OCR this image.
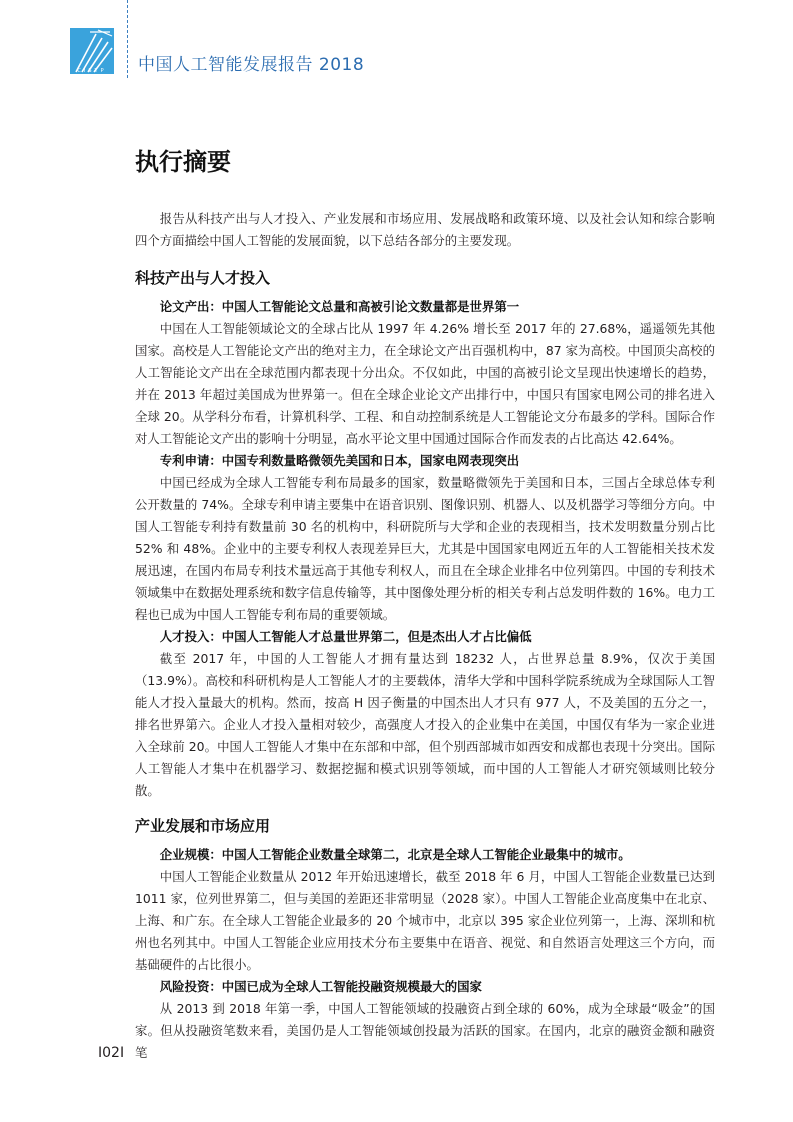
CISTP	中国人工智能发展报告 2018
执行摘要

报告从科技产出与人才投入、产业发展和市场应用、发展战略和政策环境、以及社会认知和综合影响四个方面描绘中国人工智能的发展面貌，以下总结各部分的主要发现。

科技产出与人才投入

论文产出：中国人工智能论文总量和高被引论文数量都是世界第一

中国在人工智能领域论文的全球占比从 1997 年 4.26% 增长至 2017 年的 27.68%，遥遥领先其他国家。高校是人工智能论文产出的绝对主力，在全球论文产出百强机构中，87 家为高校。中国顶尖高校的人工智能论文产出在全球范围内都表现十分出众。不仅如此，中国的高被引论文呈现出快速增长的趋势，并在 2013 年超过美国成为世界第一。但在全球企业论文产出排行中，中国只有国家电网公司的排名进入全球 20。从学科分布看，计算机科学、工程、和自动控制系统是人工智能论文分布最多的学科。国际合作对人工智能论文产出的影响十分明显，高水平论文里中国通过国际合作而发表的占比高达 42.64%。

专利申请：中国专利数量略微领先美国和日本，国家电网表现突出

中国已经成为全球人工智能专利布局最多的国家，数量略微领先于美国和日本，三国占全球总体专利公开数量的 74%。全球专利申请主要集中在语音识别、图像识别、机器人、以及机器学习等细分方向。中国人工智能专利持有数量前 30 名的机构中，科研院所与大学和企业的表现相当，技术发明数量分别占比 52% 和 48%。企业中的主要专利权人表现差异巨大，尤其是中国国家电网近五年的人工智能相关技术发展迅速，在国内布局专利技术量远高于其他专利权人，而且在全球企业排名中位列第四。中国的专利技术领域集中在数据处理系统和数字信息传输等，其中图像处理分析的相关专利占总发明件数的 16%。电力工程也已成为中国人工智能专利布局的重要领域。

人才投入：中国人工智能人才总量世界第二，但是杰出人才占比偏低

截至 2017 年，中国的人工智能人才拥有量达到 18232 人，占世界总量 8.9%，仅次于美国（13.9%）。高校和科研机构是人工智能人才的主要载体，清华大学和中国科学院系统成为全球国际人工智能人才投入量最大的机构。然而，按高 H 因子衡量的中国杰出人才只有 977 人，不及美国的五分之一，排名世界第六。企业人才投入量相对较少，高强度人才投入的企业集中在美国，中国仅有华为一家企业进入全球前 20。中国人工智能人才集中在东部和中部，但个别西部城市如西安和成都也表现十分突出。国际人工智能人才集中在机器学习、数据挖掘和模式识别等领域，而中国的人工智能人才研究领域则比较分散。

产业发展和市场应用

企业规模：中国人工智能企业数量全球第二，北京是全球人工智能企业最集中的城市。

中国人工智能企业数量从 2012 年开始迅速增长，截至 2018 年 6 月，中国人工智能企业数量已达到 1011 家，位列世界第二，但与美国的差距还非常明显（2028 家）。中国人工智能企业高度集中在北京、上海、和广东。在全球人工智能企业最多的 20 个城市中，北京以 395 家企业位列第一，上海、深圳和杭州也名列其中。中国人工智能企业应用技术分布主要集中在语音、视觉、和自然语言处理这三个方向，而基础硬件的占比很小。

风险投资：中国已成为全球人工智能投融资规模最大的国家

从 2013 到 2018 年第一季，中国人工智能领域的投融资占到全球的 60%，成为全球最“吸金”的国家。但从投融资笔数来看，美国仍是人工智能领域创投最为活跃的国家。在国内，北京的融资金额和融资笔

I02I
